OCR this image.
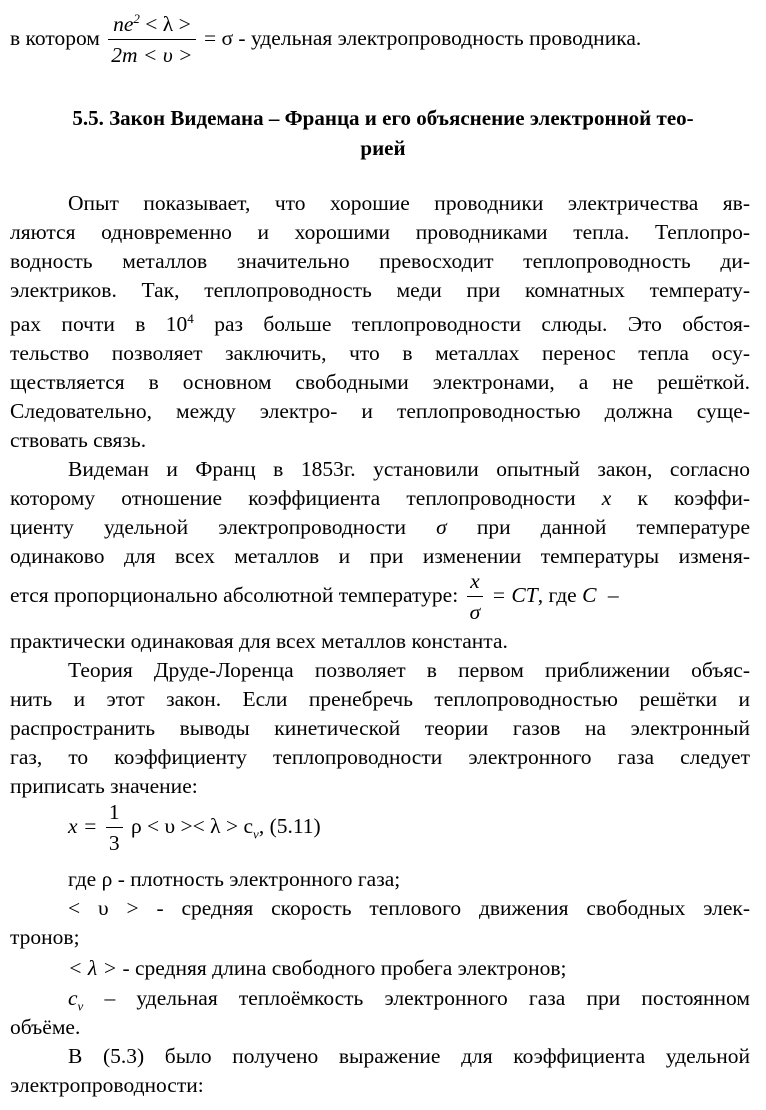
в котором $\frac{ne^2 < \lambda >}{2m < \upsilon >} = \sigma$ - удельная электропроводность проводника.
5.5. Закон Видемана – Франца и его объяснение электронной тео-
рией
Опыт показывает, что хорошие проводники электричества яв-
ляются одновременно и хорошими проводниками тепла. Теплопро-
водность металлов значительно превосходит теплопроводность ди-
электриков. Так, теплопроводность меди при комнатных температу-
рах почти в $10^4$ раз больше теплопроводности слюды. Это обстоя-
тельство позволяет заключить, что в металлах перенос тепла осу-
ществляется в основном свободными электронами, а не решёткой.
Следовательно, между электро- и теплопроводностью должна суще-
ствовать связь.
Видеман и Франц в 1853г. установили опытный закон, согласно
которому отношение коэффициента теплопроводности x к коэффи-
циенту удельной электропроводности σ при данной температуре
одинаково для всех металлов и при изменении температуры изменя-
ется пропорционально абсолютной температуре: $\frac{x}{\sigma}$ = CT, где C –
практически одинаковая для всех металлов константа.
Теория Друде-Лоренца позволяет в первом приближении объяс-
нить и этот закон. Если пренебречь теплопроводностью решётки и
распространить выводы кинетической теории газов на электронный
газ, то коэффициенту теплопроводности электронного газа следует
приписать значение:
$x = \frac{1}{3}$ $\rho < \upsilon >< \lambda > c_v$, (5.11)
где ρ - плотность электронного газа;
< υ > - средняя скорость теплового движения свободных элек-
тронов;
< λ > - средняя длина свободного пробега электронов;
$c_v$ – удельная теплоёмкость электронного газа при постоянном
объёме.
В (5.3) было получено выражение для коэффициента удельной
электропроводности:
